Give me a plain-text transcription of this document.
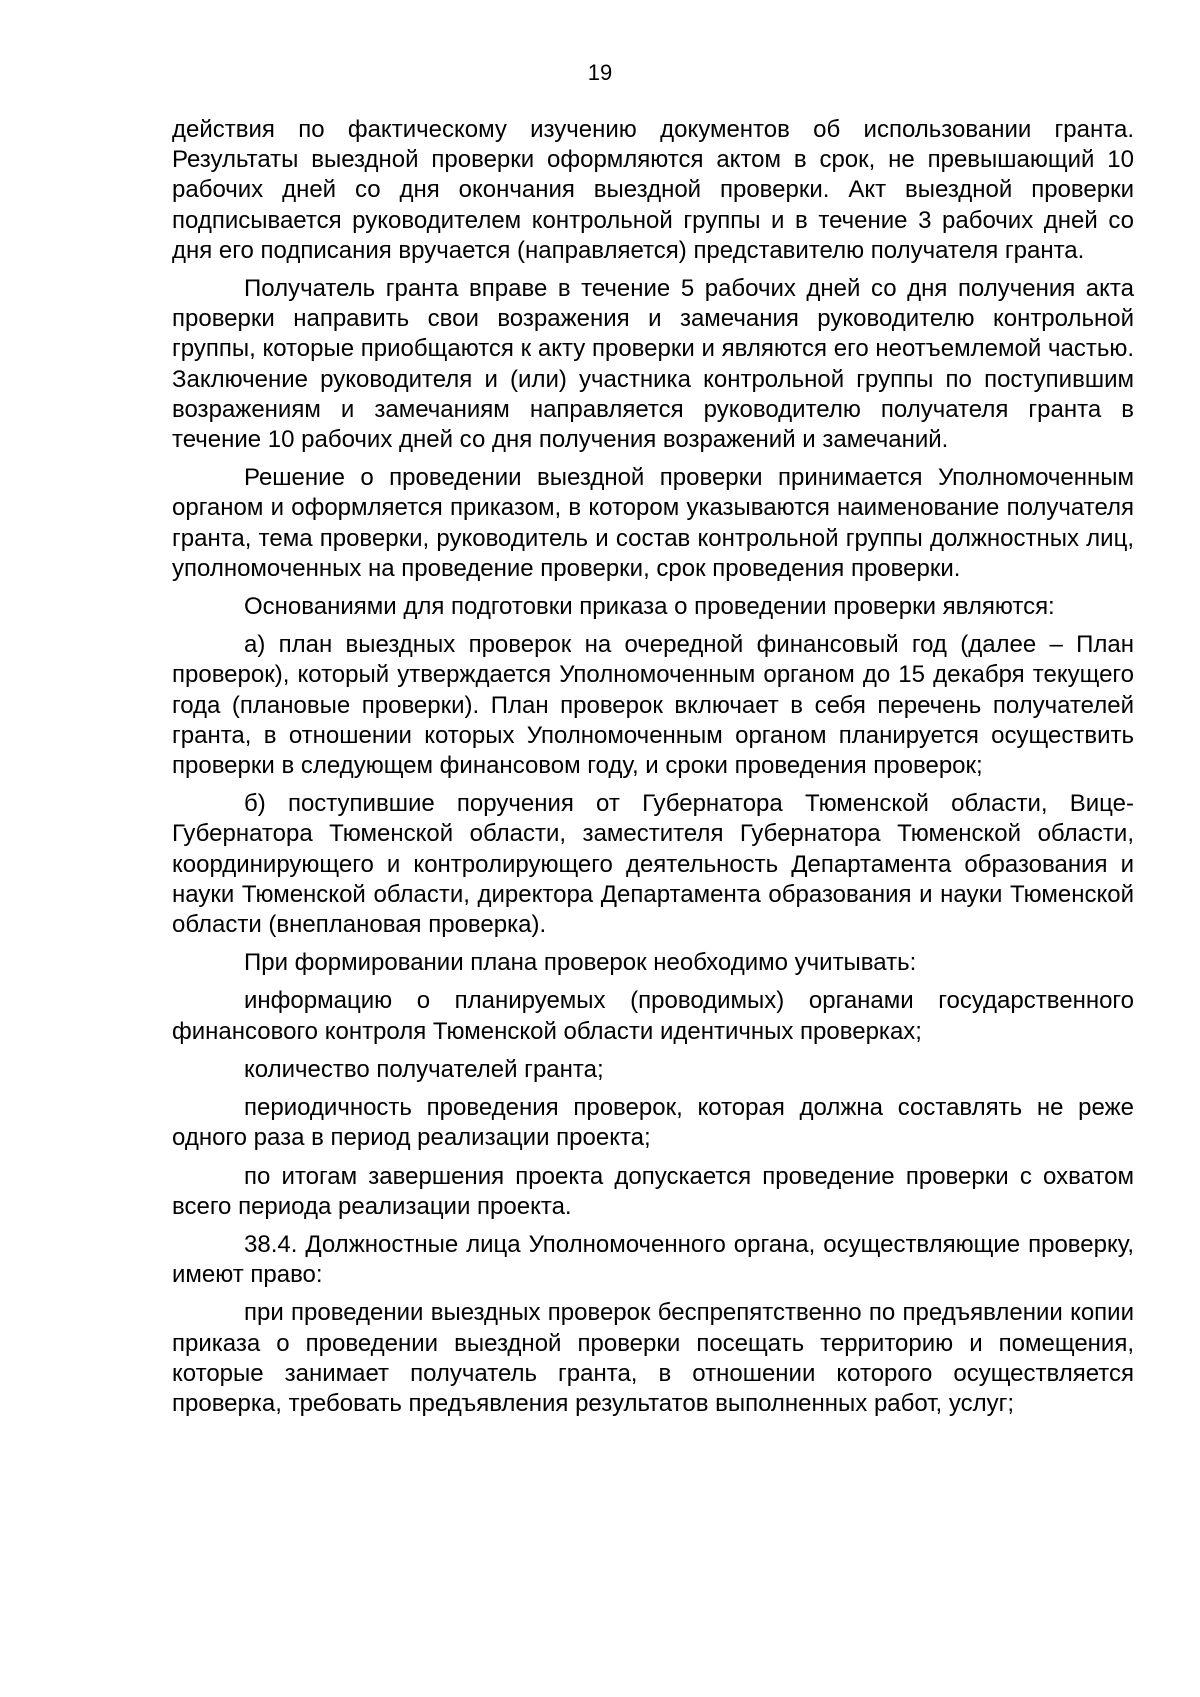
19

действия по фактическому изучению документов об использовании гранта. Результаты выездной проверки оформляются актом в срок, не превышающий 10 рабочих дней со дня окончания выездной проверки. Акт выездной проверки подписывается руководителем контрольной группы и в течение 3 рабочих дней со дня его подписания вручается (направляется) представителю получателя гранта.

Получатель гранта вправе в течение 5 рабочих дней со дня получения акта проверки направить свои возражения и замечания руководителю контрольной группы, которые приобщаются к акту проверки и являются его неотъемлемой частью. Заключение руководителя и (или) участника контрольной группы по поступившим возражениям и замечаниям направляется руководителю получателя гранта в течение 10 рабочих дней со дня получения возражений и замечаний.

Решение о проведении выездной проверки принимается Уполномоченным органом и оформляется приказом, в котором указываются наименование получателя гранта, тема проверки, руководитель и состав контрольной группы должностных лиц, уполномоченных на проведение проверки, срок проведения проверки.

Основаниями для подготовки приказа о проведении проверки являются:

а) план выездных проверок на очередной финансовый год (далее – План проверок), который утверждается Уполномоченным органом до 15 декабря текущего года (плановые проверки). План проверок включает в себя перечень получателей гранта, в отношении которых Уполномоченным органом планируется осуществить проверки в следующем финансовом году, и сроки проведения проверок;

б) поступившие поручения от Губернатора Тюменской области, Вице-Губернатора Тюменской области, заместителя Губернатора Тюменской области, координирующего и контролирующего деятельность Департамента образования и науки Тюменской области, директора Департамента образования и науки Тюменской области (внеплановая проверка).

При формировании плана проверок необходимо учитывать:

информацию о планируемых (проводимых) органами государственного финансового контроля Тюменской области идентичных проверках;

количество получателей гранта;

периодичность проведения проверок, которая должна составлять не реже одного раза в период реализации проекта;

по итогам завершения проекта допускается проведение проверки с охватом всего периода реализации проекта.

38.4. Должностные лица Уполномоченного органа, осуществляющие проверку, имеют право:

при проведении выездных проверок беспрепятственно по предъявлении копии приказа о проведении выездной проверки посещать территорию и помещения, которые занимает получатель гранта, в отношении которого осуществляется проверка, требовать предъявления результатов выполненных работ, услуг;
